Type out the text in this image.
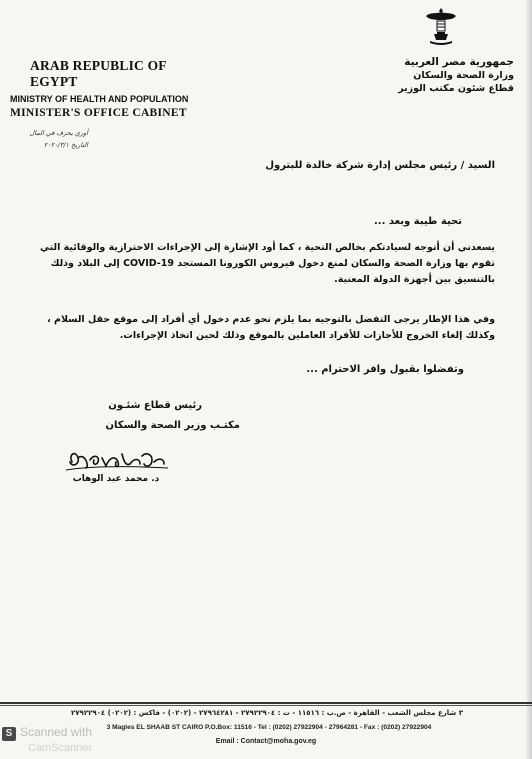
ARAB REPUBLIC OF EGYPT
MINISTRY OF HEALTH AND POPULATION
MINISTER'S OFFICE CABINET
جمهورية مصر العربية
وزارة الصحة والسكان
قطاع شئون مكتب الوزير
أوري يحرف في المال
التاريخ ٢٠٢٠/٣/١
السيد / رئيس مجلس إدارة شركة خالدة للبترول
تحية طيبة وبعد ...
يسعدني أن أتوجه لسيادتكم بخالص التحية ، كما أود الإشارة إلى الإجراءات الاحترازية والوقائية التي تقوم بها وزارة الصحة والسكان لمنع دخول فيروس الكورونا المستجد COVID-19 إلى البلاد وذلك بالتنسيق بين أجهزة الدولة المعنية.
وفي هذا الإطار يرجى التفضل بالتوجيه بما يلزم نحو عدم دخول أي أفراد إلى موقع حقل السلام ، وكذلك إلغاء الخروج للأجازات للأفراد العاملين بالموقع وذلك لحين اتخاذ الإجراءات.
وتفضلوا بقبول وافر الاحترام ...
رئيس قطاع شئـون
مكتـب وزير الصحة والسكان
د. محمد عبد الوهاب
٣ شارع مجلس الشعب - القاهرة - ص.ب : ١١٥١٦ - ت : ٢٧٩٢٢٩٠٤ - ٢٧٩٦٤٢٨١ - (٠٢٠٢) - فاكس : (٠٢٠٢) ٢٧٩٢٢٩٠٤
3 Magles EL SHAAB ST CAIRO P.O.Box: 11516 - Tel : (0202) 27922904 - 27964281 - Fax : (0202) 27922904
Email : Contact@moha.gov.eg
S Scanned with
CamScanner
